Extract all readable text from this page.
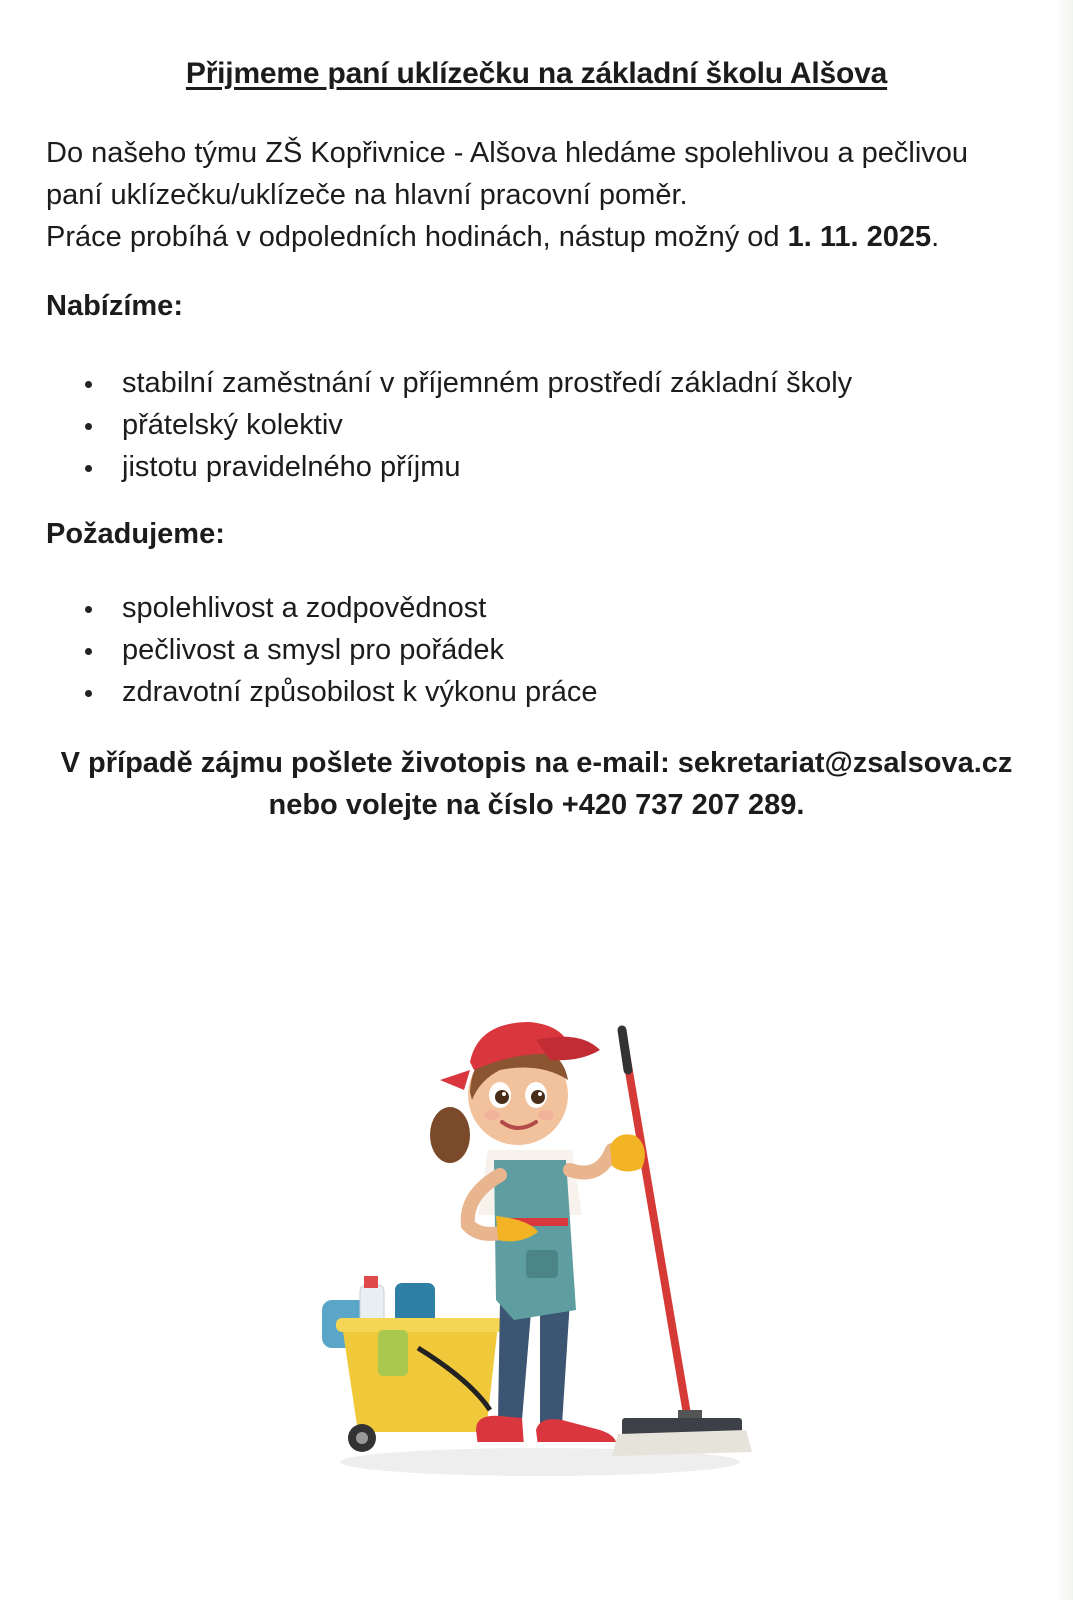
Přijmeme paní uklízečku na základní školu Alšova

Do našeho týmu ZŠ Kopřivnice - Alšova hledáme spolehlivou a pečlivou

paní uklízečku/uklízeče na hlavní pracovní poměr.

Práce probíhá v odpoledních hodinách, nástup možný od 1. 11. 2025.

Nabízíme:
stabilní zaměstnání v příjemném prostředí základní školy
přátelský kolektiv
jistotu pravidelného příjmu
Požadujeme:
spolehlivost a zodpovědnost
pečlivost a smysl pro pořádek
zdravotní způsobilost k výkonu práce
V případě zájmu pošlete životopis na e-mail: sekretariat@zsalsova.cz
nebo volejte na číslo +420 737 207 289.
